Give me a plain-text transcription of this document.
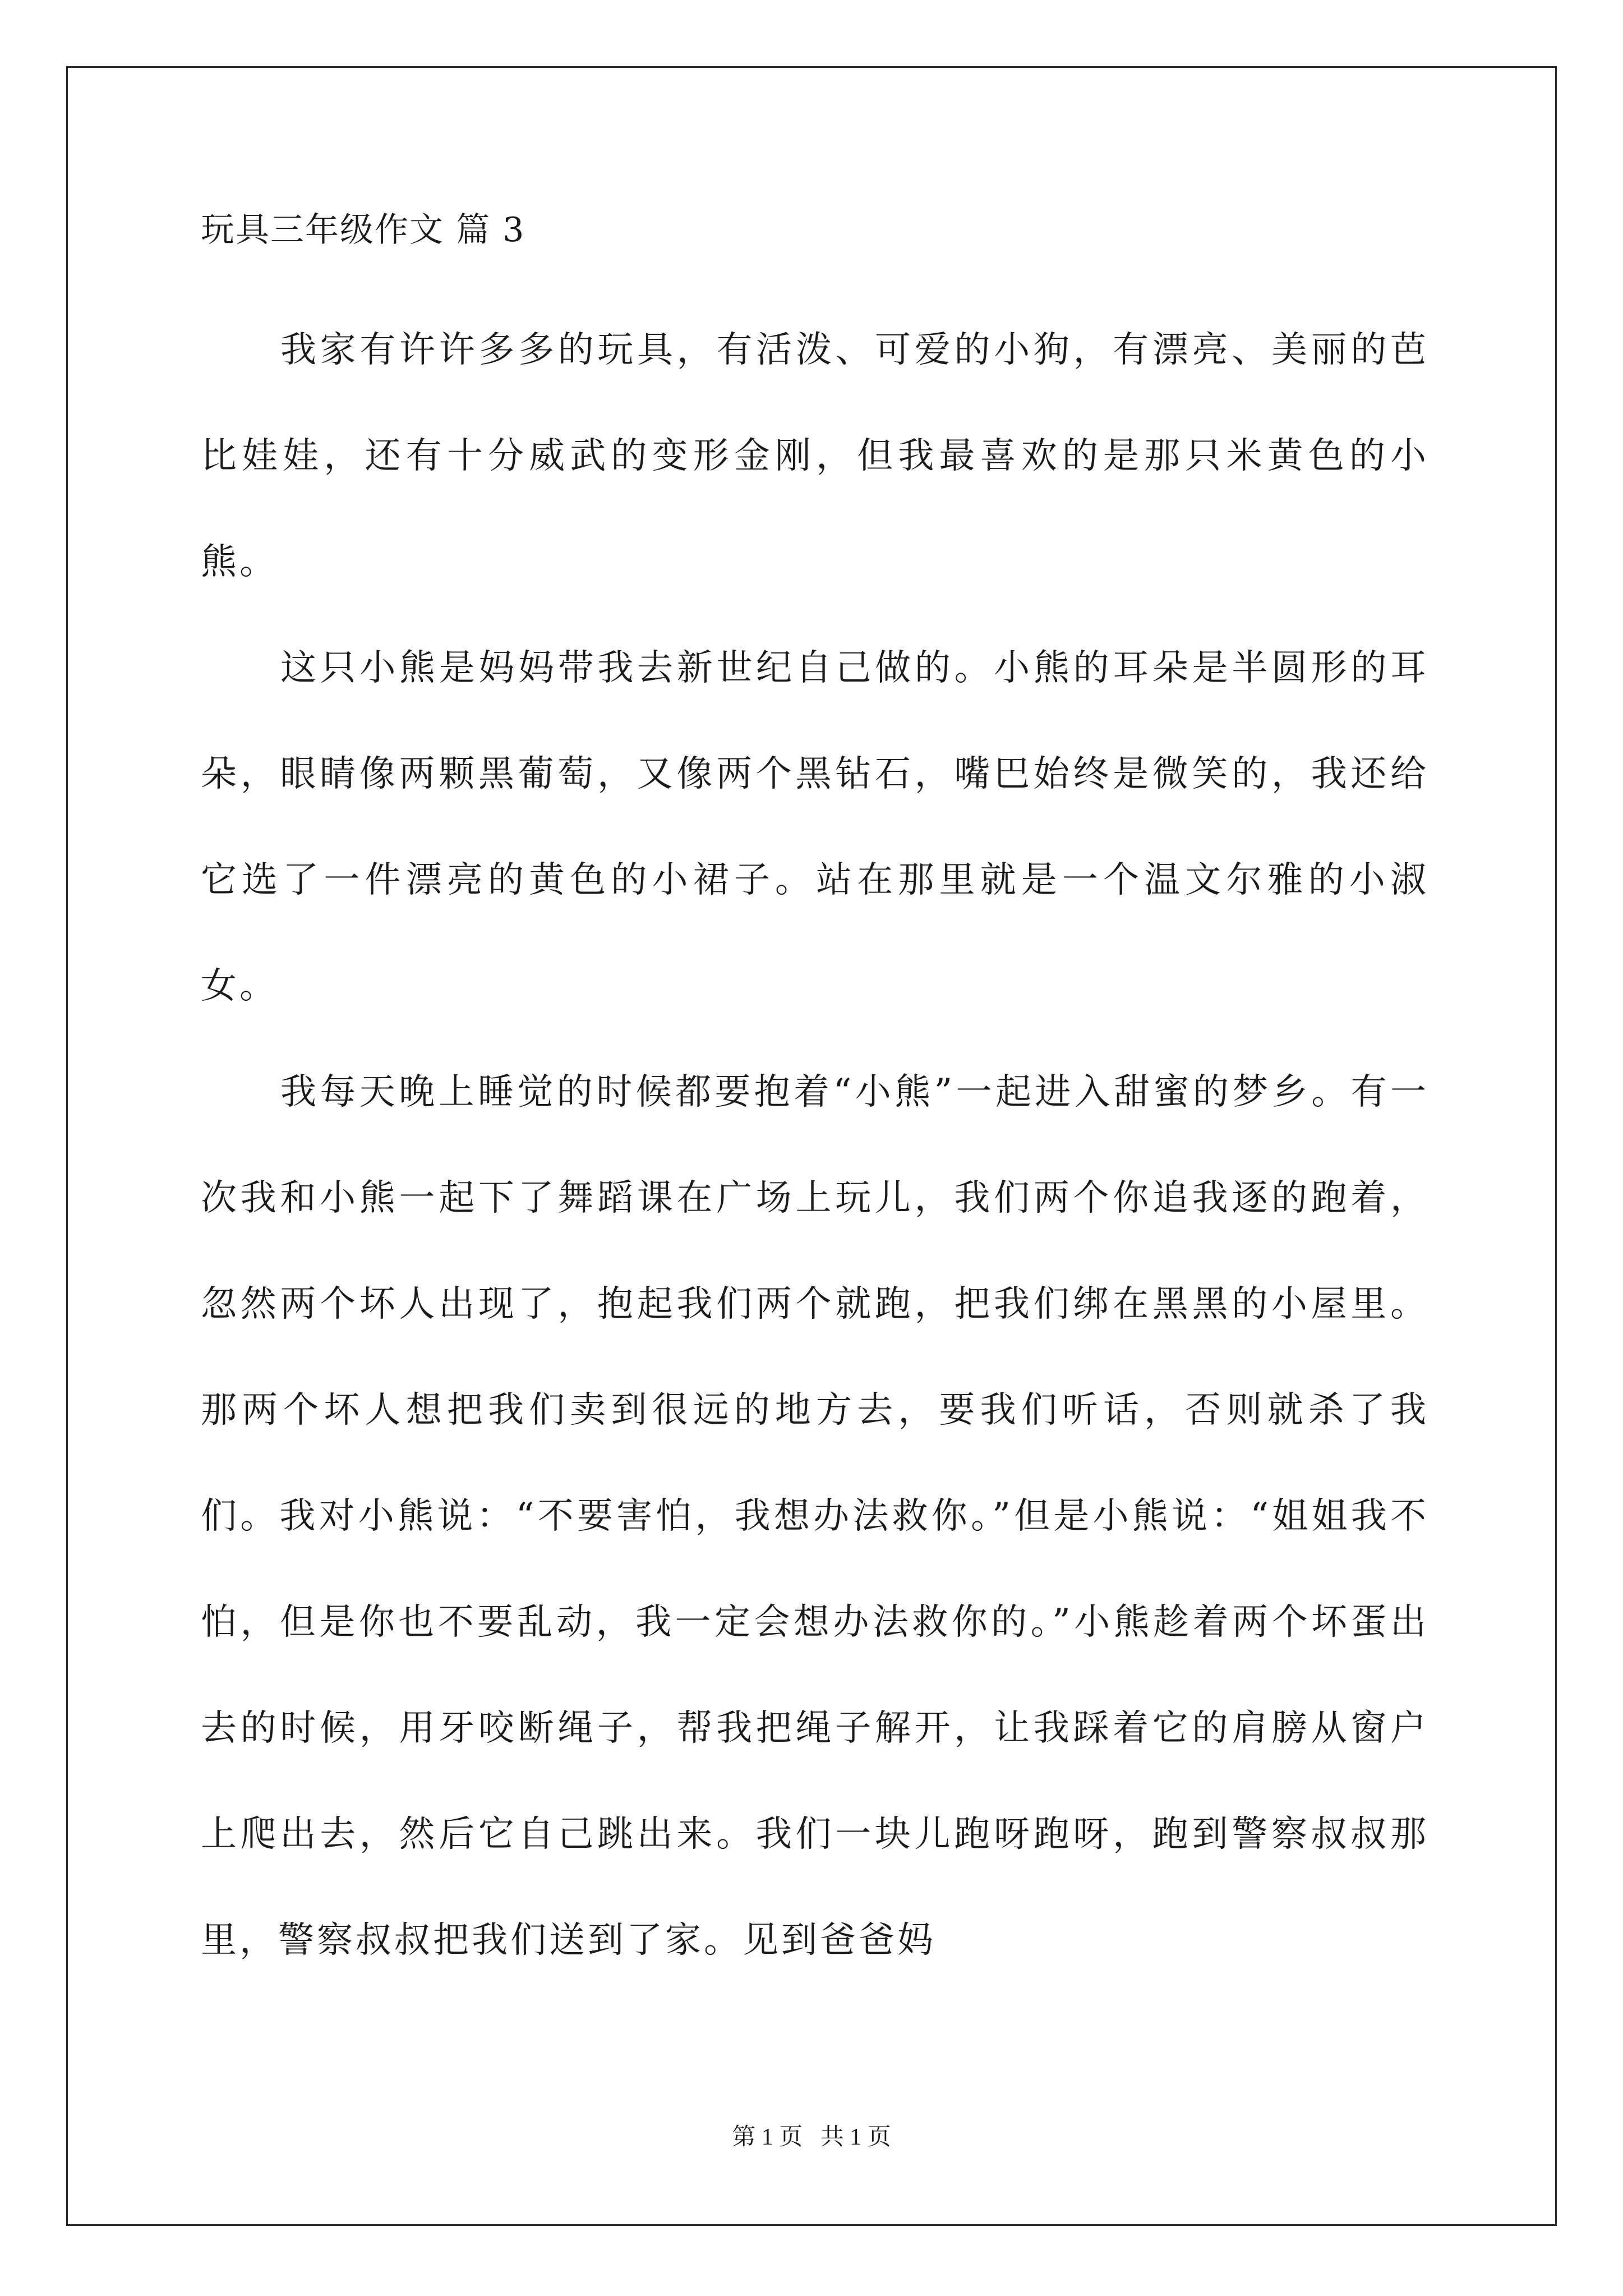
玩具三年级作文 篇 3

我家有许许多多的玩具，有活泼、可爱的小狗，有漂亮、美丽的芭比娃娃，还有十分威武的变形金刚，但我最喜欢的是那只米黄色的小熊。

这只小熊是妈妈带我去新世纪自己做的。小熊的耳朵是半圆形的耳朵，眼睛像两颗黑葡萄，又像两个黑钻石，嘴巴始终是微笑的，我还给它选了一件漂亮的黄色的小裙子。站在那里就是一个温文尔雅的小淑女。

我每天晚上睡觉的时候都要抱着“小熊”一起进入甜蜜的梦乡。有一次我和小熊一起下了舞蹈课在广场上玩儿，我们两个你追我逐的跑着，忽然两个坏人出现了，抱起我们两个就跑，把我们绑在黑黑的小屋里。那两个坏人想把我们卖到很远的地方去，要我们听话，否则就杀了我们。我对小熊说：“不要害怕，我想办法救你。”但是小熊说：“姐姐我不怕，但是你也不要乱动，我一定会想办法救你的。”小熊趁着两个坏蛋出去的时候，用牙咬断绳子，帮我把绳子解开，让我踩着它的肩膀从窗户上爬出去，然后它自己跳出来。我们一块儿跑呀跑呀，跑到警察叔叔那里，警察叔叔把我们送到了家。见到爸爸妈

第 1 页   共 1 页
